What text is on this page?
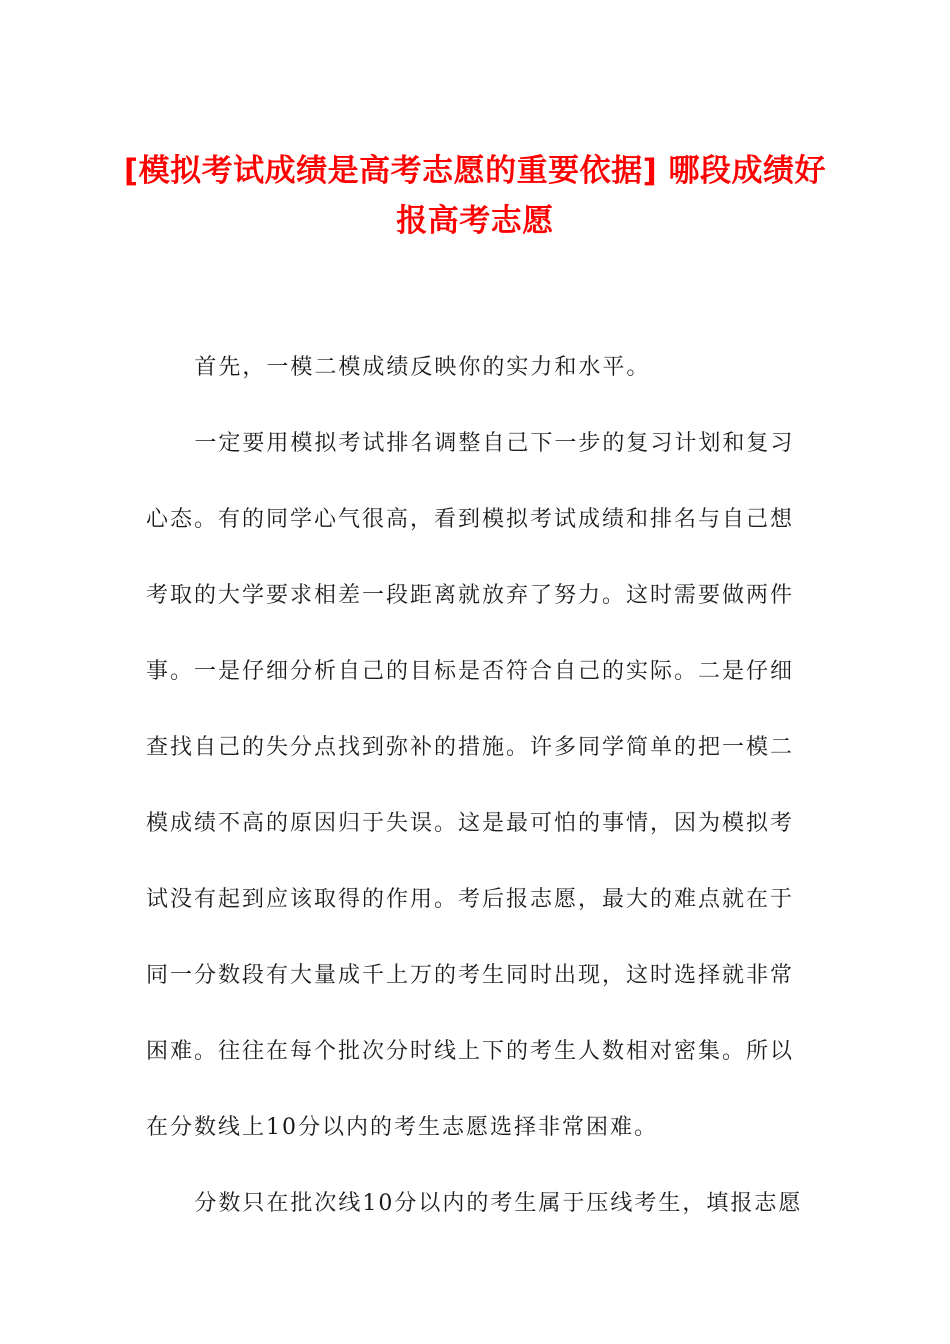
[模拟考试成绩是高考志愿的重要依据] 哪段成绩好报高考志愿

首先，一模二模成绩反映你的实力和水平。

一定要用模拟考试排名调整自己下一步的复习计划和复习心态。有的同学心气很高，看到模拟考试成绩和排名与自己想考取的大学要求相差一段距离就放弃了努力。这时需要做两件事。一是仔细分析自己的目标是否符合自己的实际。二是仔细查找自己的失分点找到弥补的措施。许多同学简单的把一模二模成绩不高的原因归于失误。这是最可怕的事情，因为模拟考试没有起到应该取得的作用。考后报志愿，最大的难点就在于同一分数段有大量成千上万的考生同时出现，这时选择就非常困难。往往在每个批次分时线上下的考生人数相对密集。所以在分数线上10分以内的考生志愿选择非常困难。

分数只在批次线10分以内的考生属于压线考生，填报志愿
